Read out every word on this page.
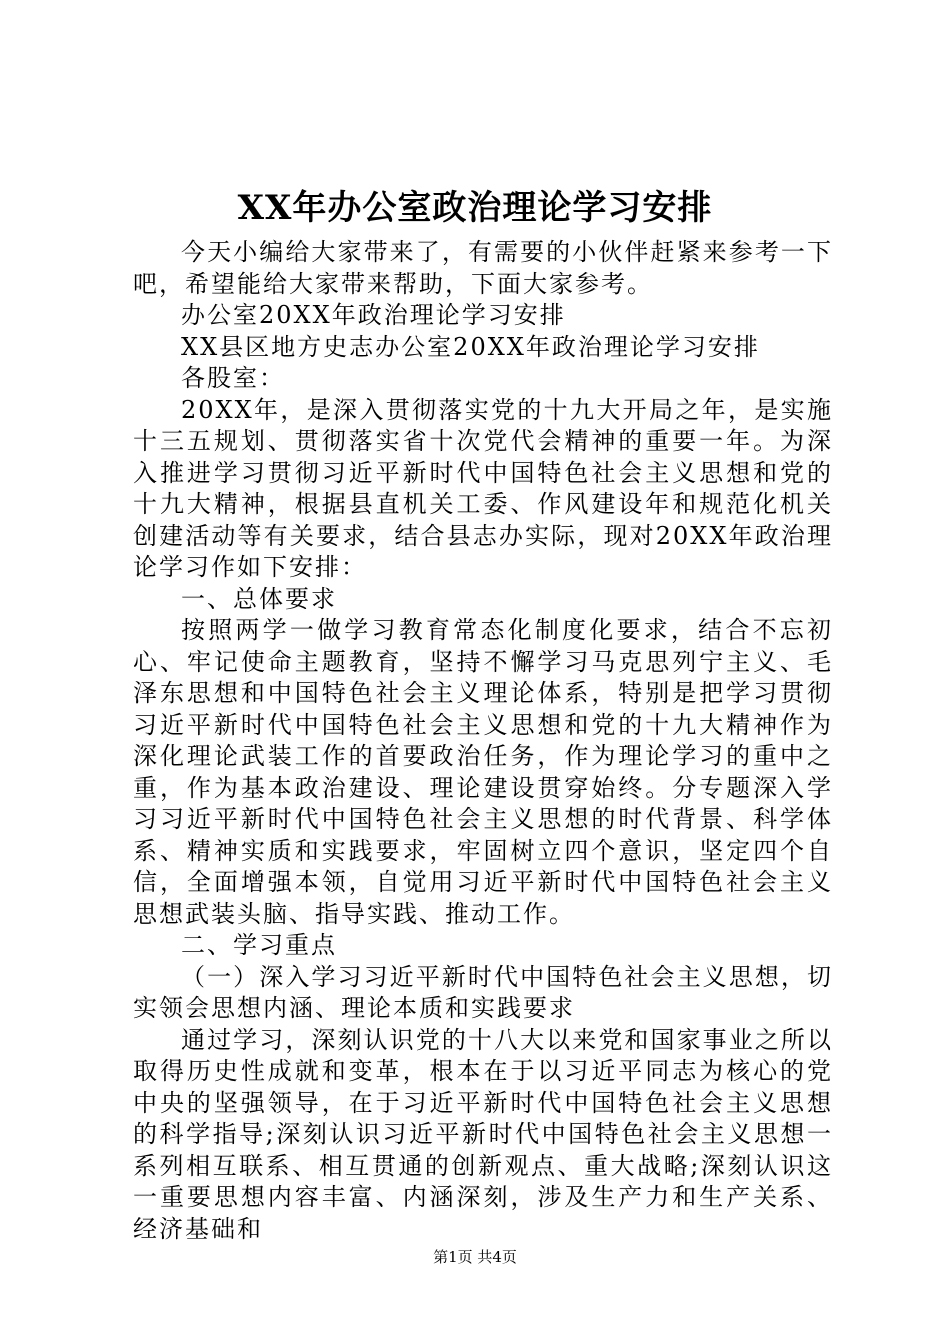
XX年办公室政治理论学习安排

今天小编给大家带来了，有需要的小伙伴赶紧来参考一下吧，希望能给大家带来帮助，下面大家参考。

办公室20XX年政治理论学习安排

XX县区地方史志办公室20XX年政治理论学习安排

各股室：

20XX年，是深入贯彻落实党的十九大开局之年，是实施十三五规划、贯彻落实省十次党代会精神的重要一年。为深入推进学习贯彻习近平新时代中国特色社会主义思想和党的十九大精神，根据县直机关工委、作风建设年和规范化机关创建活动等有关要求，结合县志办实际，现对20XX年政治理论学习作如下安排：

一、总体要求

按照两学一做学习教育常态化制度化要求，结合不忘初心、牢记使命主题教育，坚持不懈学习马克思列宁主义、毛泽东思想和中国特色社会主义理论体系，特别是把学习贯彻习近平新时代中国特色社会主义思想和党的十九大精神作为深化理论武装工作的首要政治任务，作为理论学习的重中之重，作为基本政治建设、理论建设贯穿始终。分专题深入学习习近平新时代中国特色社会主义思想的时代背景、科学体系、精神实质和实践要求，牢固树立四个意识，坚定四个自信，全面增强本领，自觉用习近平新时代中国特色社会主义思想武装头脑、指导实践、推动工作。

二、学习重点

（一）深入学习习近平新时代中国特色社会主义思想，切实领会思想内涵、理论本质和实践要求

通过学习，深刻认识党的十八大以来党和国家事业之所以取得历史性成就和变革，根本在于以习近平同志为核心的党中央的坚强领导，在于习近平新时代中国特色社会主义思想的科学指导;深刻认识习近平新时代中国特色社会主义思想一系列相互联系、相互贯通的创新观点、重大战略;深刻认识这一重要思想内容丰富、内涵深刻，涉及生产力和生产关系、经济基础和

第1页 共4页
